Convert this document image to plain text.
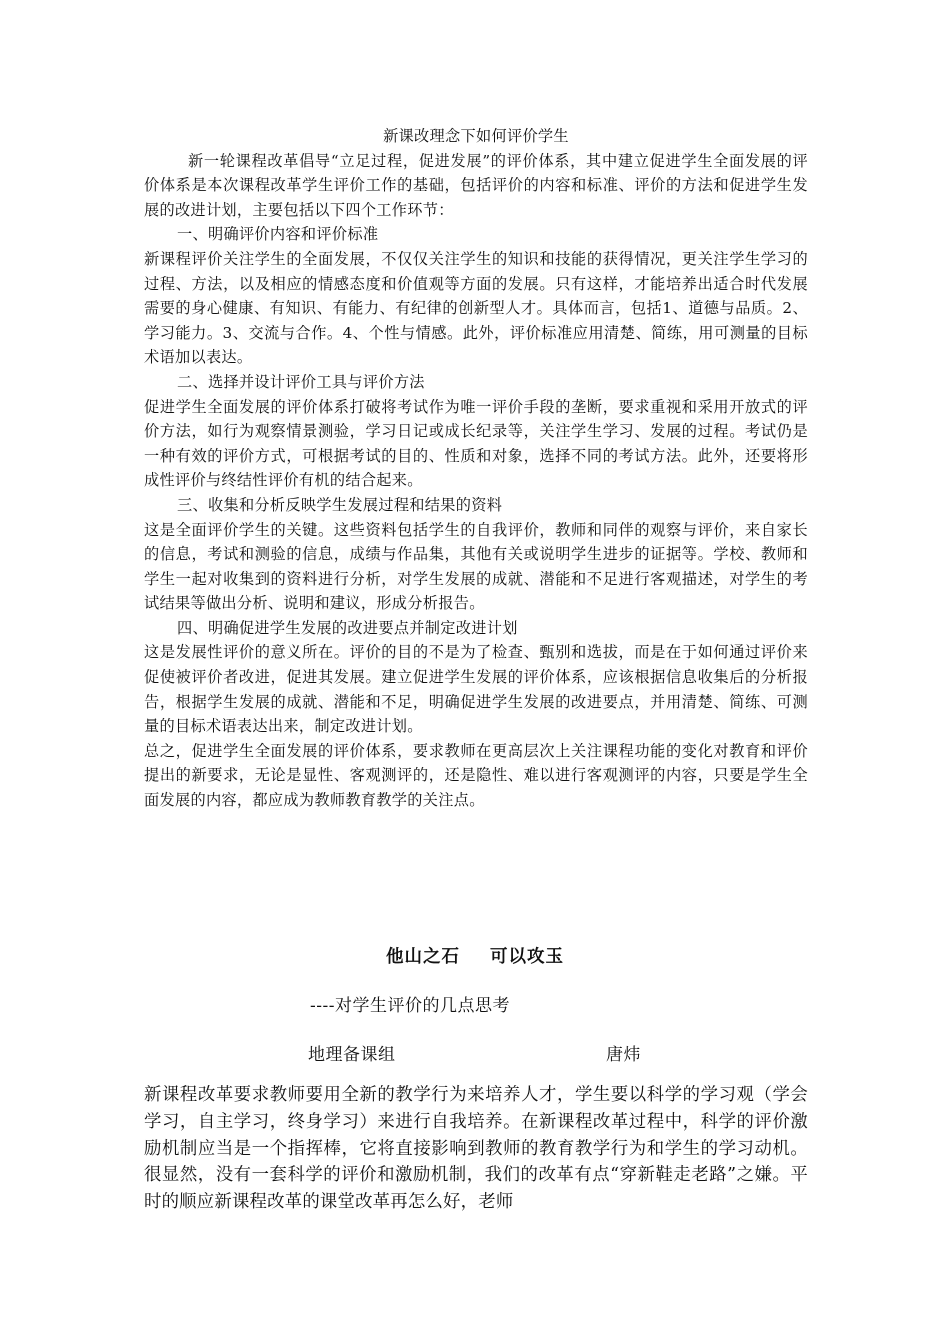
新课改理念下如何评价学生

新一轮课程改革倡导“立足过程，促进发展”的评价体系，其中建立促进学生全面发展的评价体系是本次课程改革学生评价工作的基础，包括评价的内容和标准、评价的方法和促进学生发展的改进计划，主要包括以下四个工作环节：

一、明确评价内容和评价标准

新课程评价关注学生的全面发展，不仅仅关注学生的知识和技能的获得情况，更关注学生学习的过程、方法，以及相应的情感态度和价值观等方面的发展。只有这样，才能培养出适合时代发展需要的身心健康、有知识、有能力、有纪律的创新型人才。具体而言，包括1、道德与品质。2、学习能力。3、交流与合作。4、个性与情感。此外，评价标准应用清楚、简练，用可测量的目标术语加以表达。

二、选择并设计评价工具与评价方法

促进学生全面发展的评价体系打破将考试作为唯一评价手段的垄断，要求重视和采用开放式的评价方法，如行为观察情景测验，学习日记或成长纪录等，关注学生学习、发展的过程。考试仍是一种有效的评价方式，可根据考试的目的、性质和对象，选择不同的考试方法。此外，还要将形成性评价与终结性评价有机的结合起来。

三、收集和分析反映学生发展过程和结果的资料

这是全面评价学生的关键。这些资料包括学生的自我评价，教师和同伴的观察与评价，来自家长的信息，考试和测验的信息，成绩与作品集，其他有关或说明学生进步的证据等。学校、教师和学生一起对收集到的资料进行分析，对学生发展的成就、潜能和不足进行客观描述，对学生的考试结果等做出分析、说明和建议，形成分析报告。

四、明确促进学生发展的改进要点并制定改进计划

这是发展性评价的意义所在。评价的目的不是为了检查、甄别和选拔，而是在于如何通过评价来促使被评价者改进，促进其发展。建立促进学生发展的评价体系，应该根据信息收集后的分析报告，根据学生发展的成就、潜能和不足，明确促进学生发展的改进要点，并用清楚、简练、可测量的目标术语表达出来，制定改进计划。

总之，促进学生全面发展的评价体系，要求教师在更高层次上关注课程功能的变化对教育和评价提出的新要求，无论是显性、客观测评的，还是隐性、难以进行客观测评的内容，只要是学生全面发展的内容，都应成为教师教育教学的关注点。

他山之石 可以攻玉
----对学生评价的几点思考
地理备课组	唐炜

新课程改革要求教师要用全新的教学行为来培养人才，学生要以科学的学习观（学会学习，自主学习，终身学习）来进行自我培养。在新课程改革过程中，科学的评价激励机制应当是一个指挥棒，它将直接影响到教师的教育教学行为和学生的学习动机。很显然，没有一套科学的评价和激励机制，我们的改革有点“穿新鞋走老路”之嫌。平时的顺应新课程改革的课堂改革再怎么好，老师
